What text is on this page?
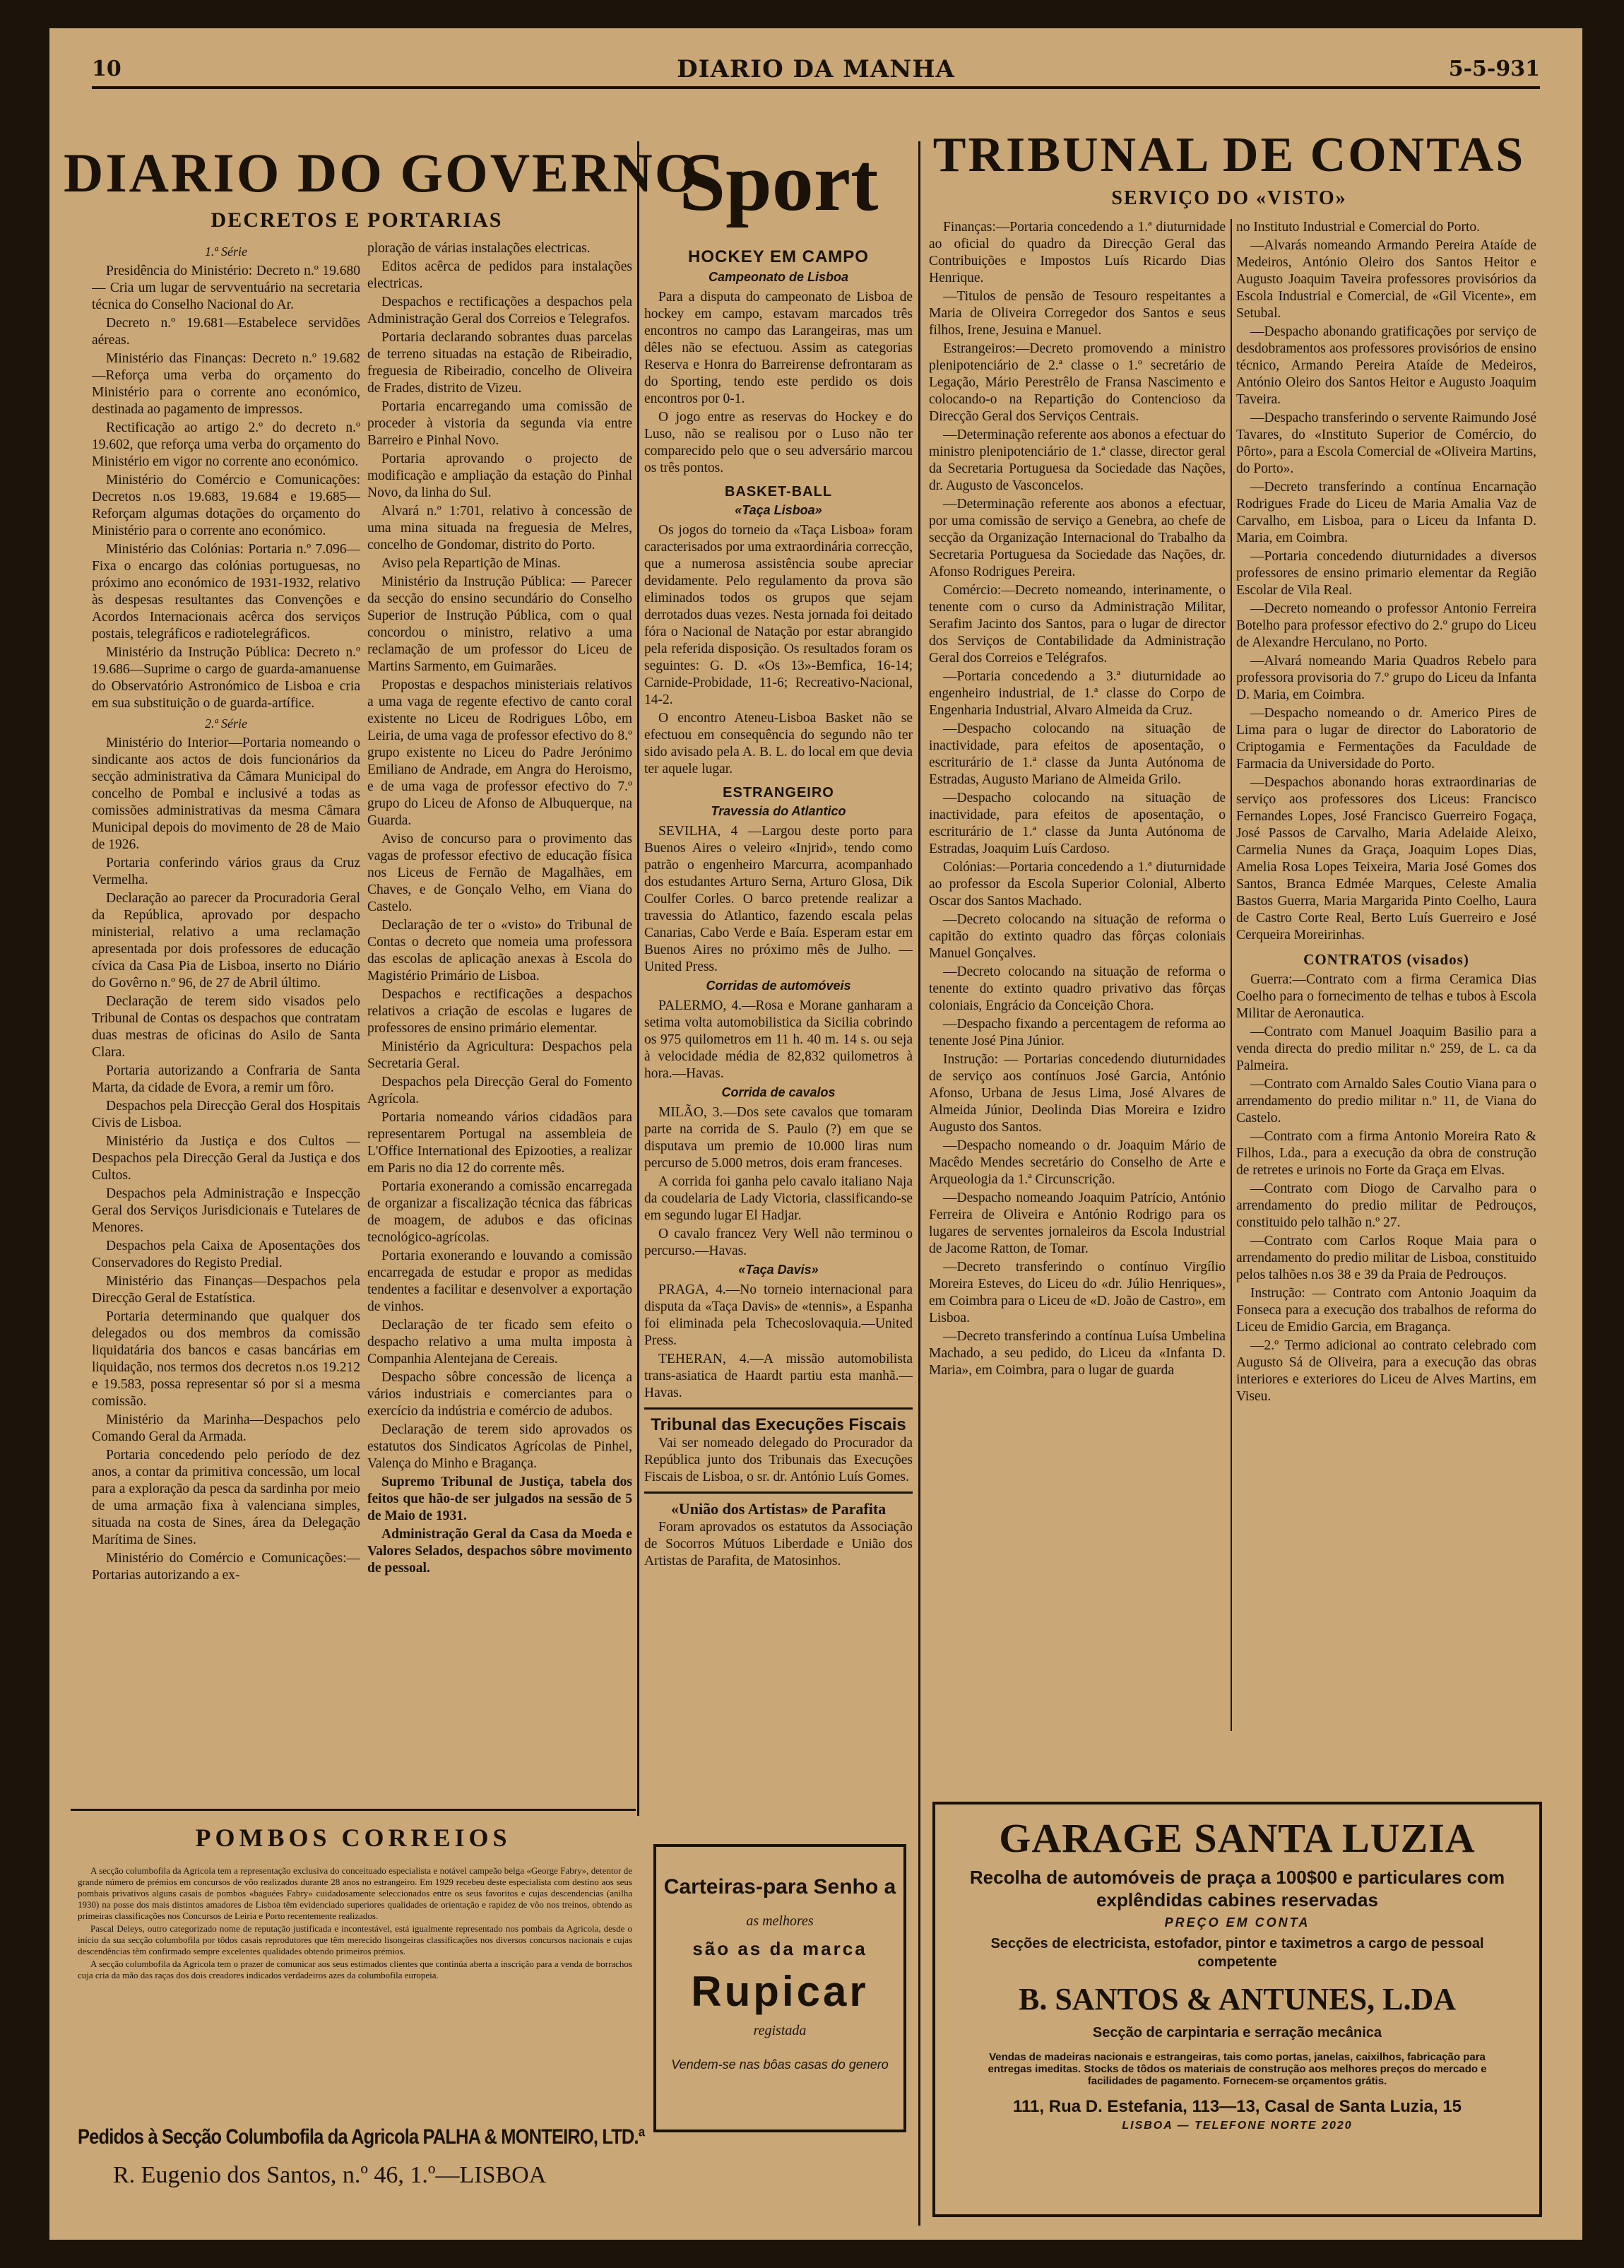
10	DIARIO DA MANHA	5-5-931
DIARIO DO GOVERNO
DECRETOS E PORTARIAS
1.ª Série

Presidência do Ministério: Decreto n.º 19.680 — Cria um lugar de servventuário na secretaria técnica do Conselho Nacional do Ar.

Decreto n.º 19.681—Estabelece servidões aéreas.

Ministério das Finanças: Decreto n.º 19.682—Reforça uma verba do orçamento do Ministério para o corrente ano económico, destinada ao pagamento de impressos.

Rectificação ao artigo 2.º do decreto n.º 19.602, que reforça uma verba do orçamento do Ministério em vigor no corrente ano económico.

Ministério do Comércio e Comunicações: Decretos n.os 19.683, 19.684 e 19.685—Reforçam algumas dotações do orçamento do Ministério para o corrente ano económico.

Ministério das Colónias: Portaria n.º 7.096—Fixa o encargo das colónias portuguesas, no próximo ano económico de 1931-1932, relativo às despesas resultantes das Convenções e Acordos Internacionais acêrca dos serviços postais, telegráficos e radiotelegráficos.

Ministério da Instrução Pública: Decreto n.º 19.686—Suprime o cargo de guarda-amanuense do Observatório Astronómico de Lisboa e cria em sua substituição o de guarda-artífice.

2.ª Série

Ministério do Interior—Portaria nomeando o sindicante aos actos de dois funcionários da secção administrativa da Câmara Municipal do concelho de Pombal e inclusivé a todas as comissões administrativas da mesma Câmara Municipal depois do movimento de 28 de Maio de 1926.

Portaria conferindo vários graus da Cruz Vermelha.

Declaração ao parecer da Procuradoria Geral da República, aprovado por despacho ministerial, relativo a uma reclamação apresentada por dois professores de educação cívica da Casa Pia de Lisboa, inserto no Diário do Govêrno n.º 96, de 27 de Abril último.

Declaração de terem sido visados pelo Tribunal de Contas os despachos que contratam duas mestras de oficinas do Asilo de Santa Clara.

Portaria autorizando a Confraria de Santa Marta, da cidade de Evora, a remir um fôro.

Despachos pela Direcção Geral dos Hospitais Civis de Lisboa.

Ministério da Justiça e dos Cultos —Despachos pela Direcção Geral da Justiça e dos Cultos.

Despachos pela Administração e Inspecção Geral dos Serviços Jurisdicionais e Tutelares de Menores.

Despachos pela Caixa de Aposentações dos Conservadores do Registo Predial.

Ministério das Finanças—Despachos pela Direcção Geral de Estatística.

Portaria determinando que qualquer dos delegados ou dos membros da comissão liquidatária dos bancos e casas bancárias em liquidação, nos termos dos decretos n.os 19.212 e 19.583, possa representar só por si a mesma comissão.

Ministério da Marinha—Despachos pelo Comando Geral da Armada.

Portaria concedendo pelo período de dez anos, a contar da primitiva concessão, um local para a exploração da pesca da sardinha por meio de uma armação fixa à valenciana simples, situada na costa de Sines, área da Delegação Marítima de Sines.

Ministério do Comércio e Comunicações:—Portarias autorizando a ex-

ploração de várias instalações electricas.

Editos acêrca de pedidos para instalações electricas.

Despachos e rectificações a despachos pela Administração Geral dos Correios e Telegrafos.

Portaria declarando sobrantes duas parcelas de terreno situadas na estação de Ribeiradio, freguesia de Ribeiradio, concelho de Oliveira de Frades, distrito de Vizeu.

Portaria encarregando uma comissão de proceder à vistoria da segunda via entre Barreiro e Pinhal Novo.

Portaria aprovando o projecto de modificação e ampliação da estação do Pinhal Novo, da linha do Sul.

Alvará n.º 1:701, relativo à concessão de uma mina situada na freguesia de Melres, concelho de Gondomar, distrito do Porto.

Aviso pela Repartição de Minas.

Ministério da Instrução Pública: — Parecer da secção do ensino secundário do Conselho Superior de Instrução Pública, com o qual concordou o ministro, relativo a uma reclamação de um professor do Liceu de Martins Sarmento, em Guimarães.

Propostas e despachos ministeriais relativos a uma vaga de regente efectivo de canto coral existente no Liceu de Rodrigues Lôbo, em Leiria, de uma vaga de professor efectivo do 8.º grupo existente no Liceu do Padre Jerónimo Emiliano de Andrade, em Angra do Heroismo, e de uma vaga de professor efectivo do 7.º grupo do Liceu de Afonso de Albuquerque, na Guarda.

Aviso de concurso para o provimento das vagas de professor efectivo de educação física nos Liceus de Fernão de Magalhães, em Chaves, e de Gonçalo Velho, em Viana do Castelo.

Declaração de ter o «visto» do Tribunal de Contas o decreto que nomeia uma professora das escolas de aplicação anexas à Escola do Magistério Primário de Lisboa.

Despachos e rectificações a despachos relativos a criação de escolas e lugares de professores de ensino primário elementar.

Ministério da Agricultura: Despachos pela Secretaria Geral.

Despachos pela Direcção Geral do Fomento Agrícola.

Portaria nomeando vários cidadãos para representarem Portugal na assembleia de L'Office International des Epizooties, a realizar em Paris no dia 12 do corrente mês.

Portaria exonerando a comissão encarregada de organizar a fiscalização técnica das fábricas de moagem, de adubos e das oficinas tecnológico-agrícolas.

Portaria exonerando e louvando a comissão encarregada de estudar e propor as medidas tendentes a facilitar e desenvolver a exportação de vinhos.

Declaração de ter ficado sem efeito o despacho relativo a uma multa imposta à Companhia Alentejana de Cereais.

Despacho sôbre concessão de licença a vários industriais e comerciantes para o exercício da indústria e comércio de adubos.

Declaração de terem sido aprovados os estatutos dos Sindicatos Agrícolas de Pinhel, Valença do Minho e Bragança.

Supremo Tribunal de Justiça, tabela dos feitos que hão-de ser julgados na sessão de 5 de Maio de 1931.

Administração Geral da Casa da Moeda e Valores Selados, despachos sôbre movimento de pessoal.

Sport
HOCKEY EM CAMPO
Campeonato de Lisboa

Para a disputa do campeonato de Lisboa de hockey em campo, estavam marcados três encontros no campo das Larangeiras, mas um dêles não se efectuou. Assim as categorias Reserva e Honra do Barreirense defrontaram as do Sporting, tendo este perdido os dois encontros por 0-1.

O jogo entre as reservas do Hockey e do Luso, não se realisou por o Luso não ter comparecido pelo que o seu adversário marcou os três pontos.

BASKET-BALL
«Taça Lisboa»

Os jogos do torneio da «Taça Lisboa» foram caracterisados por uma extraordinária correcção, que a numerosa assistência soube apreciar devidamente. Pelo regulamento da prova são eliminados todos os grupos que sejam derrotados duas vezes. Nesta jornada foi deitado fóra o Nacional de Natação por estar abrangido pela referida disposição. Os resultados foram os seguintes: G. D. «Os 13»-Bemfica, 16-14; Carnide-Probidade, 11-6; Recreativo-Nacional, 14-2.

O encontro Ateneu-Lisboa Basket não se efectuou em consequência do segundo não ter sido avisado pela A. B. L. do local em que devia ter aquele lugar.

ESTRANGEIRO
Travessia do Atlantico

SEVILHA, 4 —Largou deste porto para Buenos Aires o veleiro «Injrid», tendo como patrão o engenheiro Marcurra, acompanhado dos estudantes Arturo Serna, Arturo Glosa, Dik Coulfer Corles. O barco pretende realizar a travessia do Atlantico, fazendo escala pelas Canarias, Cabo Verde e Baía. Esperam estar em Buenos Aires no próximo mês de Julho. — United Press.

Corridas de automóveis

PALERMO, 4.—Rosa e Morane ganharam a setima volta automobilistica da Sicilia cobrindo os 975 quilometros em 11 h. 40 m. 14 s. ou seja à velocidade média de 82,832 quilometros à hora.—Havas.

Corrida de cavalos

MILÃO, 3.—Dos sete cavalos que tomaram parte na corrida de S. Paulo (?) em que se disputava um premio de 10.000 liras num percurso de 5.000 metros, dois eram franceses.

A corrida foi ganha pelo cavalo italiano Naja da coudelaria de Lady Victoria, classificando-se em segundo lugar El Hadjar.

O cavalo francez Very Well não terminou o percurso.—Havas.

«Taça Davis»

PRAGA, 4.—No torneio internacional para disputa da «Taça Davis» de «tennis», a Espanha foi eliminada pela Tchecoslovaquia.—United Press.

TEHERAN, 4.—A missão automobilista trans-asiatica de Haardt partiu esta manhã.—Havas.

Tribunal das Execuções Fiscais

Vai ser nomeado delegado do Procurador da República junto dos Tribunais das Execuções Fiscais de Lisboa, o sr. dr. António Luís Gomes.

«União dos Artistas» de Parafita

Foram aprovados os estatutos da Associação de Socorros Mútuos Liberdade e União dos Artistas de Parafita, de Matosinhos.

Carteiras-para Senho a
as melhores
são as da marca
Rupicar
registada
Vendem-se nas bôas casas do genero
TRIBUNAL DE CONTAS
SERVIÇO DO «VISTO»

Finanças:—Portaria concedendo a 1.ª diuturnidade ao oficial do quadro da Direcção Geral das Contribuições e Impostos Luís Ricardo Dias Henrique.

—Titulos de pensão de Tesouro respeitantes a Maria de Oliveira Corregedor dos Santos e seus filhos, Irene, Jesuina e Manuel.

Estrangeiros:—Decreto promovendo a ministro plenipotenciário de 2.ª classe o 1.º secretário de Legação, Mário Perestrêlo de Fransa Nascimento e colocando-o na Repartição do Contencioso da Direcção Geral dos Serviços Centrais.

—Determinação referente aos abonos a efectuar do ministro plenipotenciário de 1.ª classe, director geral da Secretaria Portuguesa da Sociedade das Nações, dr. Augusto de Vasconcelos.

—Determinação referente aos abonos a efectuar, por uma comissão de serviço a Genebra, ao chefe de secção da Organização Internacional do Trabalho da Secretaria Portuguesa da Sociedade das Nações, dr. Afonso Rodrigues Pereira.

Comércio:—Decreto nomeando, interinamente, o tenente com o curso da Administração Militar, Serafim Jacinto dos Santos, para o lugar de director dos Serviços de Contabilidade da Administração Geral dos Correios e Telégrafos.

—Portaria concedendo a 3.ª diuturnidade ao engenheiro industrial, de 1.ª classe do Corpo de Engenharia Industrial, Alvaro Almeida da Cruz.

—Despacho colocando na situação de inactividade, para efeitos de aposentação, o escriturário de 1.ª classe da Junta Autónoma de Estradas, Augusto Mariano de Almeida Grilo.

—Despacho colocando na situação de inactividade, para efeitos de aposentação, o escriturário de 1.ª classe da Junta Autónoma de Estradas, Joaquim Luís Cardoso.

Colónias:—Portaria concedendo a 1.ª diuturnidade ao professor da Escola Superior Colonial, Alberto Oscar dos Santos Machado.

—Decreto colocando na situação de reforma o capitão do extinto quadro das fôrças coloniais Manuel Gonçalves.

—Decreto colocando na situação de reforma o tenente do extinto quadro privativo das fôrças coloniais, Engrácio da Conceição Chora.

—Despacho fixando a percentagem de reforma ao tenente José Pina Júnior.

Instrução: — Portarias concedendo diuturnidades de serviço aos contínuos José Garcia, António Afonso, Urbana de Jesus Lima, José Alvares de Almeida Júnior, Deolinda Dias Moreira e Izidro Augusto dos Santos.

—Despacho nomeando o dr. Joaquim Mário de Macêdo Mendes secretário do Conselho de Arte e Arqueologia da 1.ª Circunscrição.

—Despacho nomeando Joaquim Patrício, António Ferreira de Oliveira e António Rodrigo para os lugares de serventes jornaleiros da Escola Industrial de Jacome Ratton, de Tomar.

—Decreto transferindo o contínuo Virgílio Moreira Esteves, do Liceu do «dr. Júlio Henriques», em Coimbra para o Liceu de «D. João de Castro», em Lisboa.

—Decreto transferindo a contínua Luísa Umbelina Machado, a seu pedido, do Liceu da «Infanta D. Maria», em Coimbra, para o lugar de guarda

no Instituto Industrial e Comercial do Porto.

—Alvarás nomeando Armando Pereira Ataíde de Medeiros, António Oleiro dos Santos Heitor e Augusto Joaquim Taveira professores provisórios da Escola Industrial e Comercial, de «Gil Vicente», em Setubal.

—Despacho abonando gratificações por serviço de desdobramentos aos professores provisórios de ensino técnico, Armando Pereira Ataíde de Medeiros, António Oleiro dos Santos Heitor e Augusto Joaquim Taveira.

—Despacho transferindo o servente Raimundo José Tavares, do «Instituto Superior de Comércio, do Pôrto», para a Escola Comercial de «Oliveira Martins, do Porto».

—Decreto transferindo a contínua Encarnação Rodrigues Frade do Liceu de Maria Amalia Vaz de Carvalho, em Lisboa, para o Liceu da Infanta D. Maria, em Coimbra.

—Portaria concedendo diuturnidades a diversos professores de ensino primario elementar da Região Escolar de Vila Real.

—Decreto nomeando o professor Antonio Ferreira Botelho para professor efectivo do 2.º grupo do Liceu de Alexandre Herculano, no Porto.

—Alvará nomeando Maria Quadros Rebelo para professora provisoria do 7.º grupo do Liceu da Infanta D. Maria, em Coimbra.

—Despacho nomeando o dr. Americo Pires de Lima para o lugar de director do Laboratorio de Criptogamia e Fermentações da Faculdade de Farmacia da Universidade do Porto.

—Despachos abonando horas extraordinarias de serviço aos professores dos Liceus: Francisco Fernandes Lopes, José Francisco Guerreiro Fogaça, José Passos de Carvalho, Maria Adelaide Aleixo, Carmelia Nunes da Graça, Joaquim Lopes Dias, Amelia Rosa Lopes Teixeira, Maria José Gomes dos Santos, Branca Edmée Marques, Celeste Amalia Bastos Guerra, Maria Margarida Pinto Coelho, Laura de Castro Corte Real, Berto Luís Guerreiro e José Cerqueira Moreirinhas.

CONTRATOS (visados)

Guerra:—Contrato com a firma Ceramica Dias Coelho para o fornecimento de telhas e tubos à Escola Militar de Aeronautica.

—Contrato com Manuel Joaquim Basilio para a venda directa do predio militar n.º 259, de L. ca da Palmeira.

—Contrato com Arnaldo Sales Coutio Viana para o arrendamento do predio militar n.º 11, de Viana do Castelo.

—Contrato com a firma Antonio Moreira Rato & Filhos, Lda., para a execução da obra de construção de retretes e urinois no Forte da Graça em Elvas.

—Contrato com Diogo de Carvalho para o arrendamento do predio militar de Pedrouços, constituido pelo talhão n.º 27.

—Contrato com Carlos Roque Maia para o arrendamento do predio militar de Lisboa, constituido pelos talhões n.os 38 e 39 da Praia de Pedrouços.

Instrução: — Contrato com Antonio Joaquim da Fonseca para a execução dos trabalhos de reforma do Liceu de Emidio Garcia, em Bragança.

—2.º Termo adicional ao contrato celebrado com Augusto Sá de Oliveira, para a execução das obras interiores e exteriores do Liceu de Alves Martins, em Viseu.

POMBOS CORREIOS

A secção columbofila da Agricola tem a representação exclusiva do conceituado especialista e notável campeão belga «George Fabry», detentor de grande número de prémios em concursos de vôo realizados durante 28 anos no estrangeiro. Em 1929 recebeu deste especialista com destino aos seus pombais privativos alguns casais de pombos «baguées Fabry» cuidadosamente seleccionados entre os seus favoritos e cujas descendencias (anilha 1930) na posse dos mais distintos amadores de Lisboa têm evidenciado superiores qualidades de orientação e rapidez de vôo nos treinos, obtendo as primeiras classificações nos Concursos de Leiria e Porto recentemente realizados.

Pascal Deleys, outro categorizado nome de reputação justificada e incontestável, está igualmente representado nos pombais da Agricola, desde o início da sua secção columbofila por tôdos casais reprodutores que têm merecido lisongeiras classificações nos diversos concursos nacionais e cujas descendências têm confirmado sempre excelentes qualidades obtendo primeiros prémios.

A secção columbofila da Agricola tem o prazer de comunicar aos seus estimados clientes que continúa aberta a inscrição para a venda de borrachos cuja cria da mão das raças dos dois creadores indicados verdadeiros azes da columbofila europeia.

Pedidos à Secção Columbofila da Agricola PALHA & MONTEIRO, LTD.ª
R. Eugenio dos Santos, n.º 46, 1.º—LISBOA
GARAGE SANTA LUZIA
Recolha de automóveis de praça a 100$00 e particulares com explêndidas cabines reservadas
PREÇO EM CONTA
Secções de electricista, estofador, pintor e taximetros a cargo de pessoal competente
B. SANTOS & ANTUNES, L.DA
Secção de carpintaria e serração mecânica
Vendas de madeiras nacionais e estrangeiras, tais como portas, janelas, caixilhos, fabricação para entregas imeditas. Stocks de tôdos os materiais de construção aos melhores preços do mercado e facilidades de pagamento. Fornecem-se orçamentos grátis.
111, Rua D. Estefania, 113—13, Casal de Santa Luzia, 15
LISBOA — TELEFONE NORTE 2020
